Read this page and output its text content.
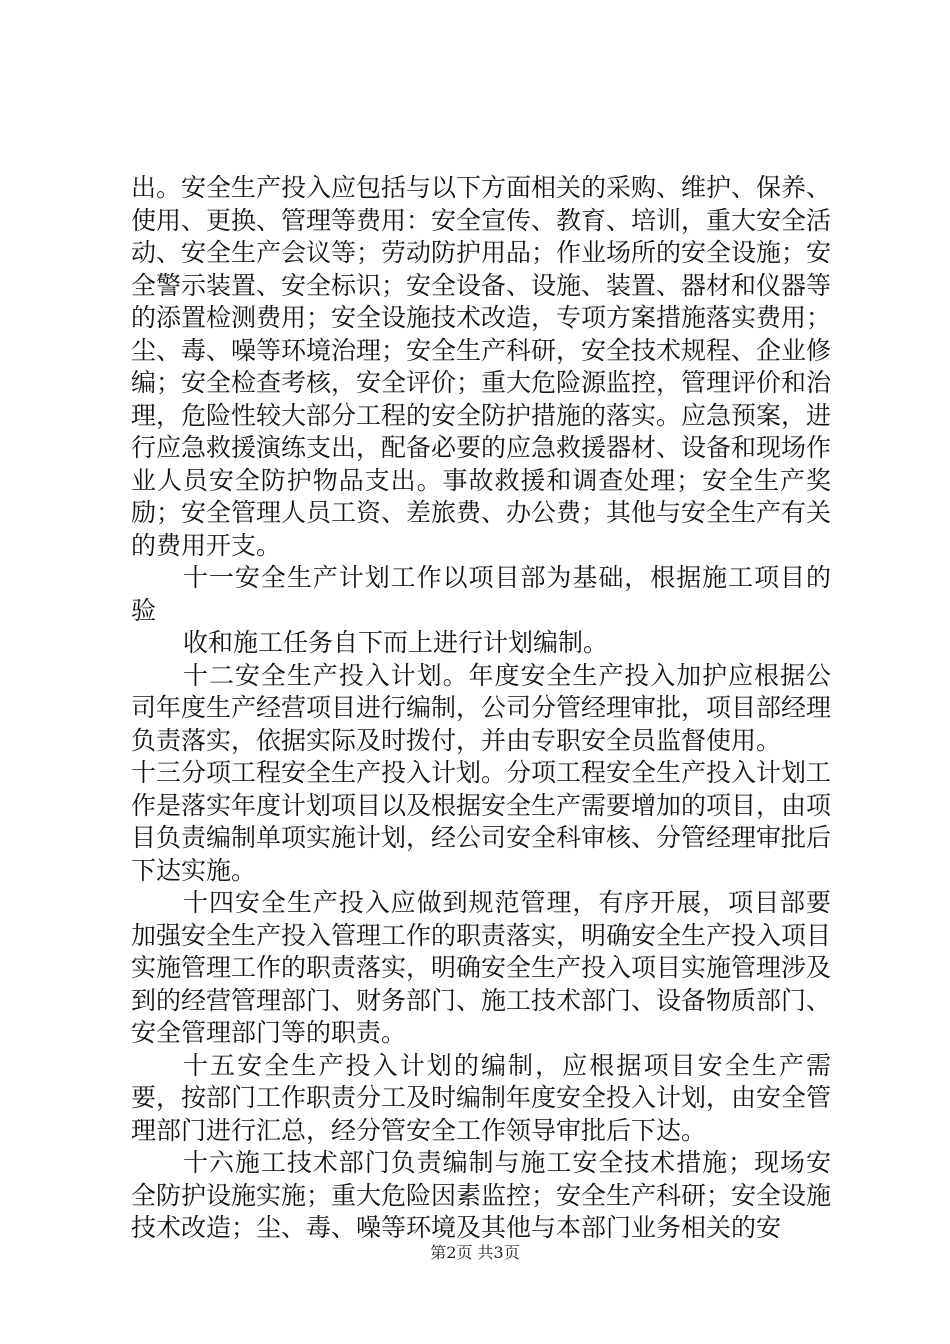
出。安全生产投入应包括与以下方面相关的采购、维护、保养、使用、更换、管理等费用：安全宣传、教育、培训，重大安全活动、安全生产会议等；劳动防护用品；作业场所的安全设施；安全警示装置、安全标识；安全设备、设施、装置、器材和仪器等的添置检测费用；安全设施技术改造，专项方案措施落实费用；尘、毒、噪等环境治理；安全生产科研，安全技术规程、企业修编；安全检查考核，安全评价；重大危险源监控，管理评价和治理，危险性较大部分工程的安全防护措施的落实。应急预案，进行应急救援演练支出，配备必要的应急救援器材、设备和现场作业人员安全防护物品支出。事故救援和调查处理；安全生产奖励；安全管理人员工资、差旅费、办公费；其他与安全生产有关的费用开支。

十一安全生产计划工作以项目部为基础，根据施工项目的验

收和施工任务自下而上进行计划编制。

十二安全生产投入计划。年度安全生产投入加护应根据公司年度生产经营项目进行编制，公司分管经理审批，项目部经理负责落实，依据实际及时拨付，并由专职安全员监督使用。

十三分项工程安全生产投入计划。分项工程安全生产投入计划工作是落实年度计划项目以及根据安全生产需要增加的项目，由项目负责编制单项实施计划，经公司安全科审核、分管经理审批后下达实施。

十四安全生产投入应做到规范管理，有序开展，项目部要加强安全生产投入管理工作的职责落实，明确安全生产投入项目实施管理工作的职责落实，明确安全生产投入项目实施管理涉及到的经营管理部门、财务部门、施工技术部门、设备物质部门、安全管理部门等的职责。

十五安全生产投入计划的编制，应根据项目安全生产需要，按部门工作职责分工及时编制年度安全投入计划，由安全管理部门进行汇总，经分管安全工作领导审批后下达。

十六施工技术部门负责编制与施工安全技术措施；现场安全防护设施实施；重大危险因素监控；安全生产科研；安全设施技术改造；尘、毒、噪等环境及其他与本部门业务相关的安

第2页 共3页
